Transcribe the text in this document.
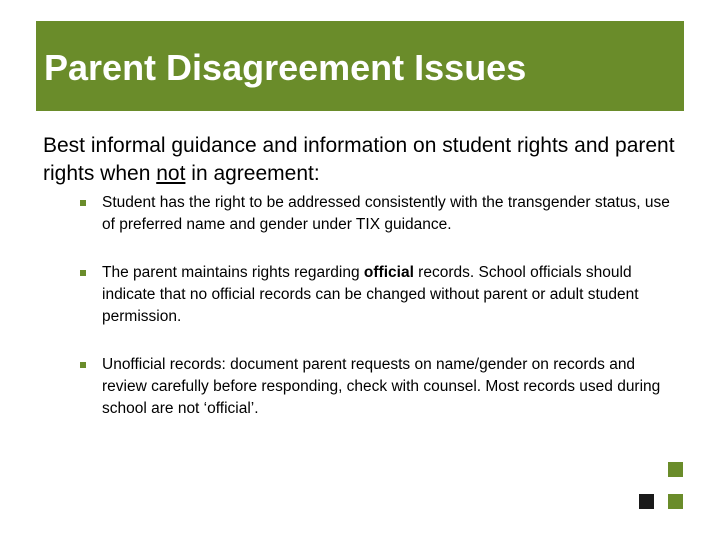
Parent Disagreement Issues
Best informal guidance and information on student rights and parent rights when not in agreement:
Student has the right to be addressed consistently with the transgender status, use of preferred name and gender under TIX guidance.
The parent maintains rights regarding official records. School officials should indicate that no official records can be changed without parent or adult student permission.
Unofficial records: document parent requests on name/gender on records and review carefully before responding, check with counsel. Most records used during school are not ‘official’.
